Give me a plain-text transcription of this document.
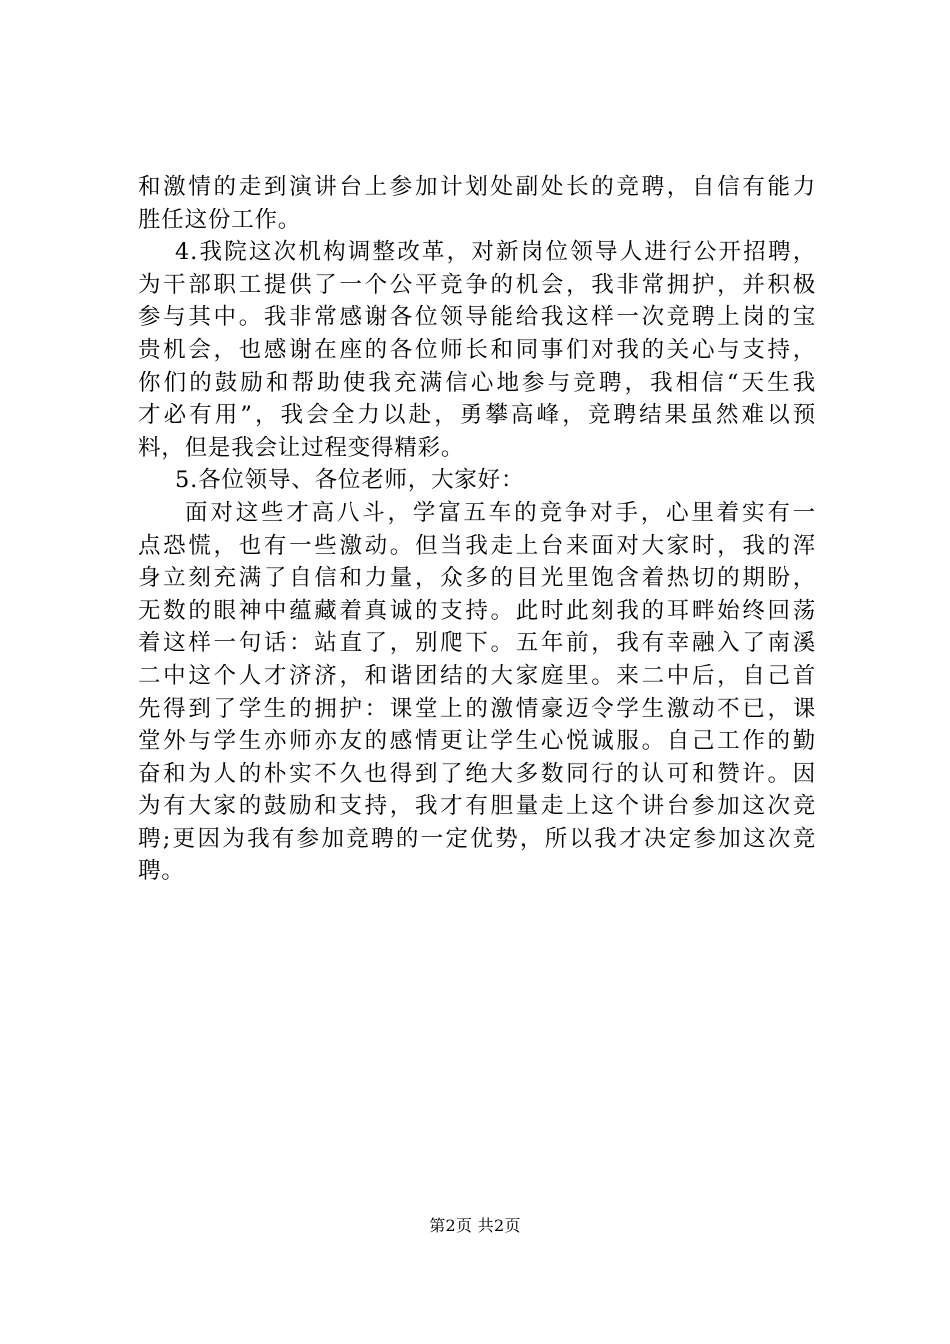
和激情的走到演讲台上参加计划处副处长的竞聘，自信有能力
胜任这份工作。
4.我院这次机构调整改革，对新岗位领导人进行公开招聘，
为干部职工提供了一个公平竞争的机会，我非常拥护，并积极
参与其中。我非常感谢各位领导能给我这样一次竞聘上岗的宝
贵机会，也感谢在座的各位师长和同事们对我的关心与支持，
你们的鼓励和帮助使我充满信心地参与竞聘，我相信“天生我
才必有用”，我会全力以赴，勇攀高峰，竞聘结果虽然难以预
料，但是我会让过程变得精彩。
5.各位领导、各位老师，大家好：
面对这些才高八斗，学富五车的竞争对手，心里着实有一
点恐慌，也有一些激动。但当我走上台来面对大家时，我的浑
身立刻充满了自信和力量，众多的目光里饱含着热切的期盼，
无数的眼神中蕴藏着真诚的支持。此时此刻我的耳畔始终回荡
着这样一句话：站直了，别爬下。五年前，我有幸融入了南溪
二中这个人才济济，和谐团结的大家庭里。来二中后，自己首
先得到了学生的拥护：课堂上的激情豪迈令学生激动不已，课
堂外与学生亦师亦友的感情更让学生心悦诚服。自己工作的勤
奋和为人的朴实不久也得到了绝大多数同行的认可和赞许。因
为有大家的鼓励和支持，我才有胆量走上这个讲台参加这次竞
聘;更因为我有参加竞聘的一定优势，所以我才决定参加这次竞
聘。
第2页 共2页
